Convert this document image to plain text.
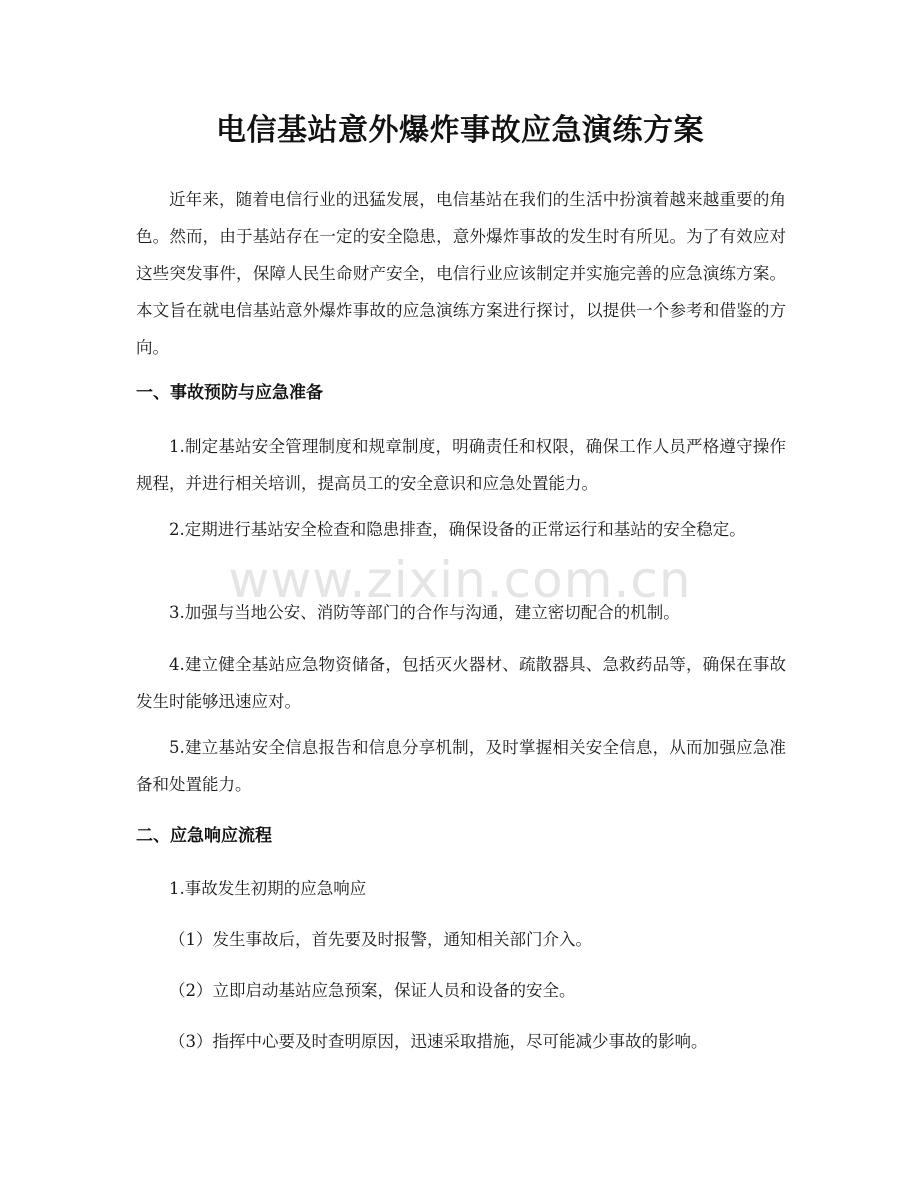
电信基站意外爆炸事故应急演练方案

近年来，随着电信行业的迅猛发展，电信基站在我们的生活中扮演着越来越重要的角色。然而，由于基站存在一定的安全隐患，意外爆炸事故的发生时有所见。为了有效应对这些突发事件，保障人民生命财产安全，电信行业应该制定并实施完善的应急演练方案。本文旨在就电信基站意外爆炸事故的应急演练方案进行探讨，以提供一个参考和借鉴的方向。

一、事故预防与应急准备

1.制定基站安全管理制度和规章制度，明确责任和权限，确保工作人员严格遵守操作规程，并进行相关培训，提高员工的安全意识和应急处置能力。

2.定期进行基站安全检查和隐患排查，确保设备的正常运行和基站的安全稳定。

3.加强与当地公安、消防等部门的合作与沟通，建立密切配合的机制。

4.建立健全基站应急物资储备，包括灭火器材、疏散器具、急救药品等，确保在事故发生时能够迅速应对。

5.建立基站安全信息报告和信息分享机制，及时掌握相关安全信息，从而加强应急准备和处置能力。

二、应急响应流程

1.事故发生初期的应急响应

（1）发生事故后，首先要及时报警，通知相关部门介入。

（2）立即启动基站应急预案，保证人员和设备的安全。

（3）指挥中心要及时查明原因，迅速采取措施，尽可能减少事故的影响。

www.zixin.com.cn
